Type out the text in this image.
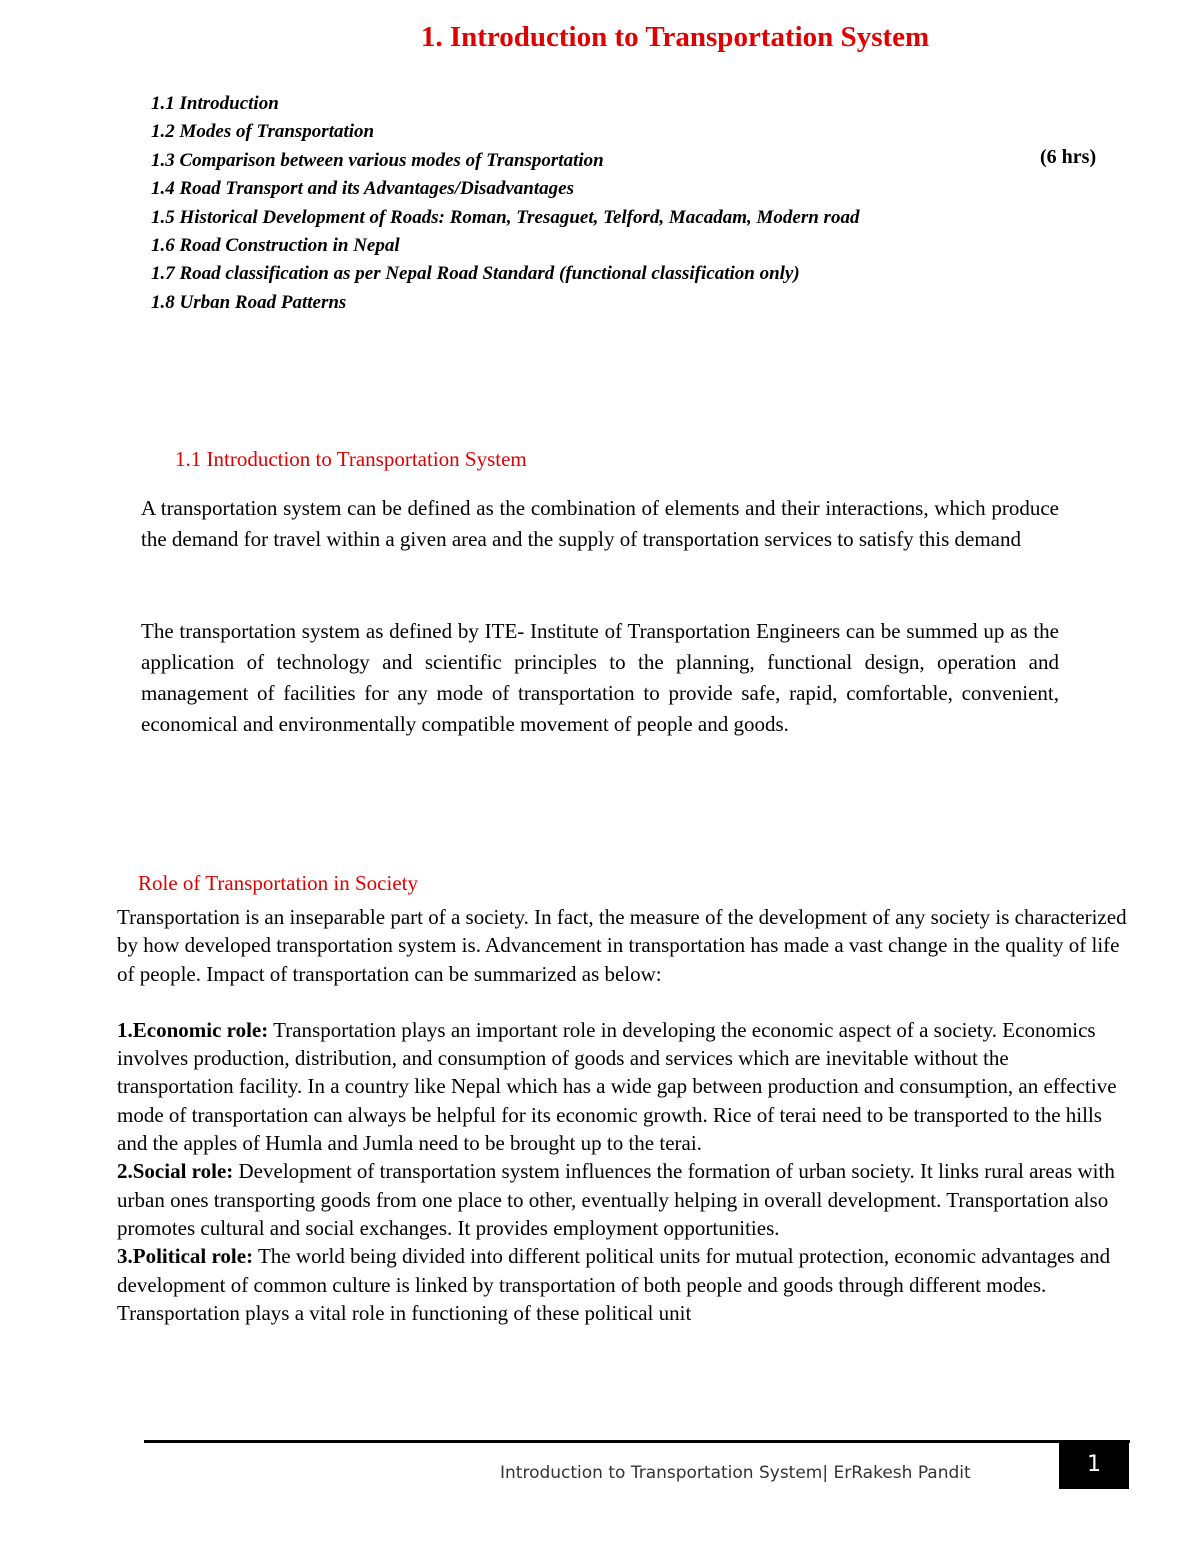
1. Introduction to Transportation System
1.1 Introduction
1.2 Modes of Transportation
1.3 Comparison between various modes of Transportation
1.4 Road Transport and its Advantages/Disadvantages
1.5 Historical Development of Roads: Roman, Tresaguet, Telford, Macadam, Modern road
1.6 Road Construction in Nepal
1.7 Road classification as per Nepal Road Standard (functional classification only)
1.8 Urban Road Patterns
(6 hrs)
1.1 Introduction to Transportation System

A transportation system can be defined as the combination of elements and their interactions, which produce the demand for travel within a given area and the supply of transportation services to satisfy this demand

The transportation system as defined by ITE- Institute of Transportation Engineers can be summed up as the application of technology and scientific principles to the planning, functional design, operation and management of facilities for any mode of transportation to provide safe, rapid, comfortable, convenient, economical and environmentally compatible movement of people and goods.

Role of Transportation in Society

Transportation is an inseparable part of a society. In fact, the measure of the development of any society is characterized by how developed transportation system is. Advancement in transportation has made a vast change in the quality of life of people. Impact of transportation can be summarized as below:

1.Economic role: Transportation plays an important role in developing the economic aspect of a society. Economics involves production, distribution, and consumption of goods and services which are inevitable without the transportation facility. In a country like Nepal which has a wide gap between production and consumption, an effective mode of transportation can always be helpful for its economic growth. Rice of terai need to be transported to the hills and the apples of Humla and Jumla need to be brought up to the terai.

2.Social role: Development of transportation system influences the formation of urban society. It links rural areas with urban ones transporting goods from one place to other, eventually helping in overall development. Transportation also promotes cultural and social exchanges. It provides employment opportunities.

3.Political role: The world being divided into different political units for mutual protection, economic advantages and development of common culture is linked by transportation of both people and goods through different modes. Transportation plays a vital role in functioning of these political unit

Introduction to Transportation System| ErRakesh Pandit	1
